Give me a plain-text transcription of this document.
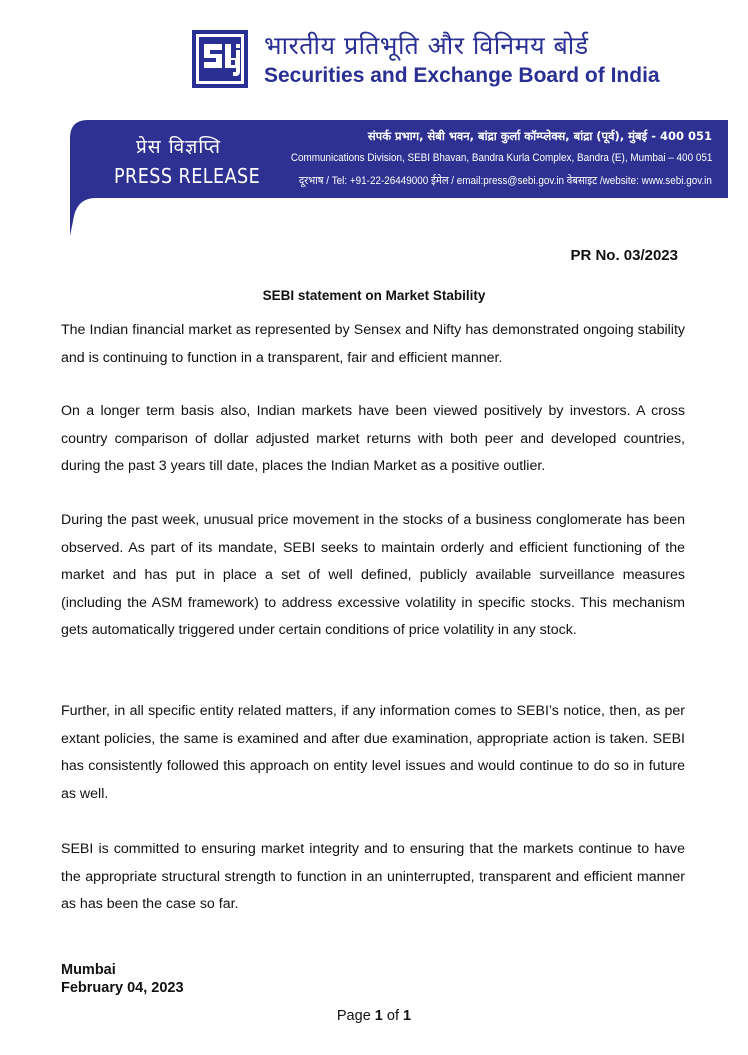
भारतीय प्रतिभूति और विनिमय बोर्ड
Securities and Exchange Board of India
प्रेस विज्ञप्ति
PRESS RELEASE
संपर्क प्रभाग, सेबी भवन, बांद्रा कुर्ला कॉम्प्लेक्स, बांद्रा (पूर्व), मुंबई - 400 051
Communications Division, SEBI Bhavan, Bandra Kurla Complex, Bandra (E), Mumbai – 400 051
दूरभाष / Tel: +91-22-26449000 ईमेल / email:press@sebi.gov.in वेबसाइट /website: www.sebi.gov.in
PR No. 03/2023
SEBI statement on Market Stability

The Indian financial market as represented by Sensex and Nifty has demonstrated ongoing stability and is continuing to function in a transparent, fair and efficient manner.

On a longer term basis also, Indian markets have been viewed positively by investors. A cross country comparison of dollar adjusted market returns with both peer and developed countries, during the past 3 years till date, places the Indian Market as a positive outlier.

During the past week, unusual price movement in the stocks of a business conglomerate has been observed. As part of its mandate, SEBI seeks to maintain orderly and efficient functioning of the market and has put in place a set of well defined, publicly available surveillance measures (including the ASM framework) to address excessive volatility in specific stocks. This mechanism gets automatically triggered under certain conditions of price volatility in any stock.

Further, in all specific entity related matters, if any information comes to SEBI’s notice, then, as per extant policies, the same is examined and after due examination, appropriate action is taken. SEBI has consistently followed this approach on entity level issues and would continue to do so in future as well.

SEBI is committed to ensuring market integrity and to ensuring that the markets continue to have the appropriate structural strength to function in an uninterrupted, transparent and efficient manner as has been the case so far.

Mumbai
February 04, 2023
Page 1 of 1
